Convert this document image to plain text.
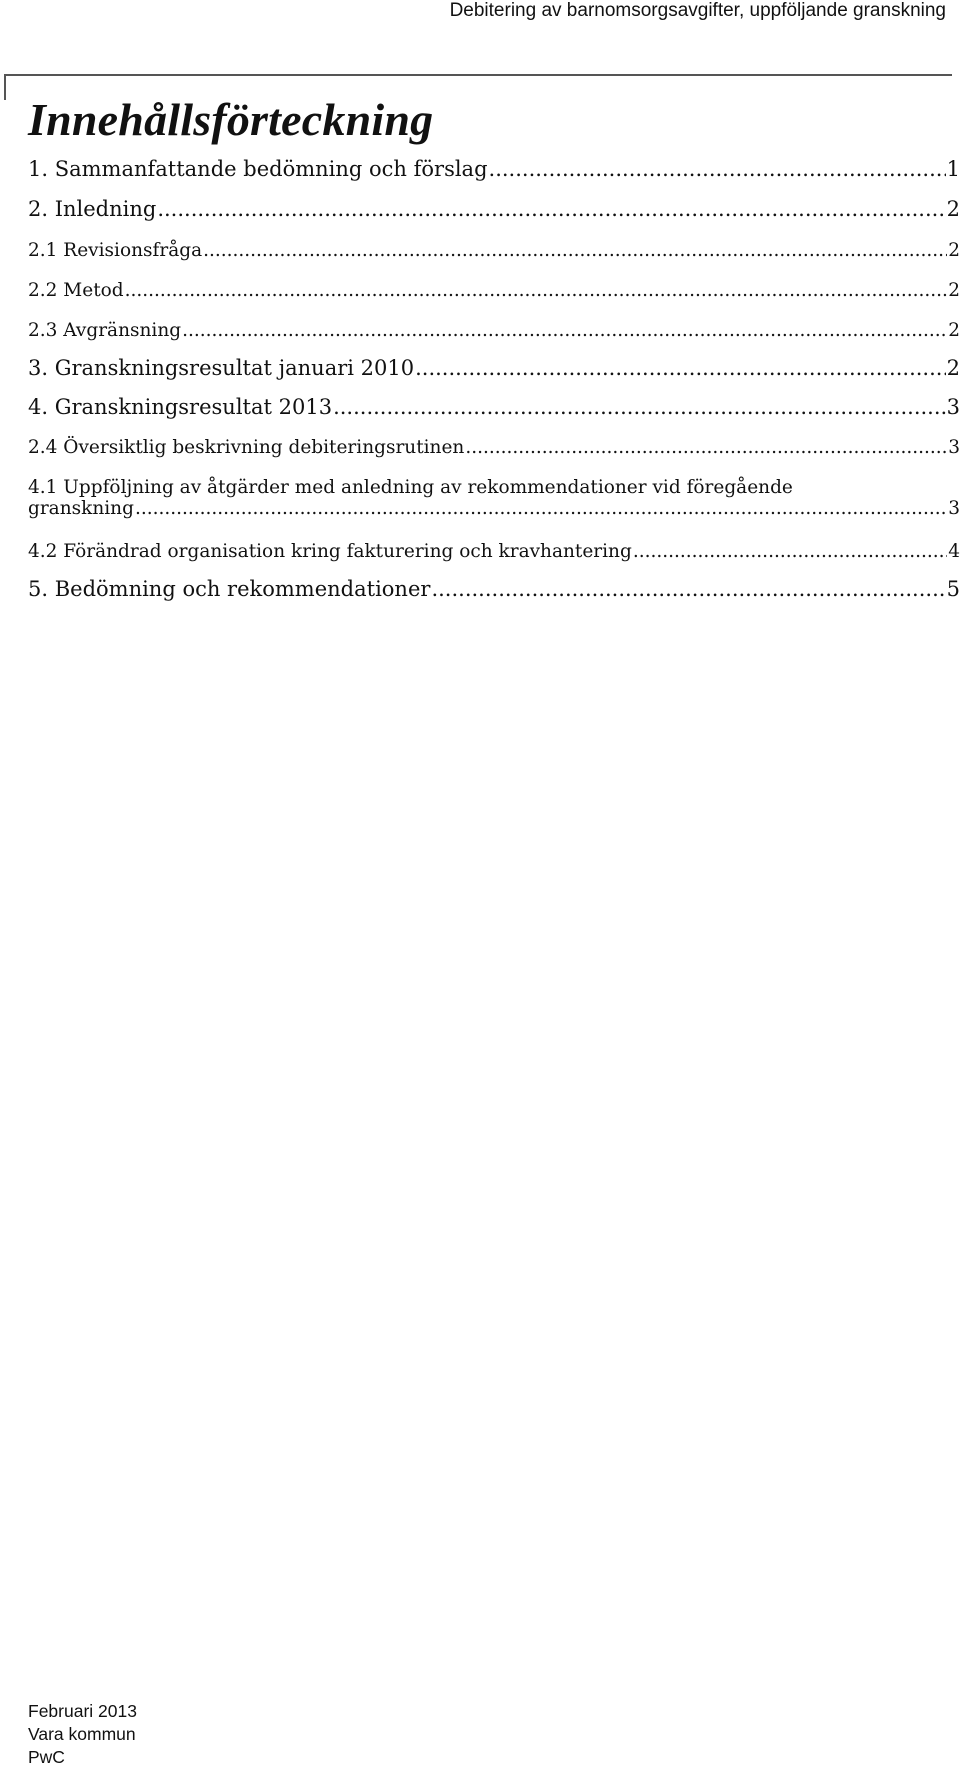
Debitering av barnomsorgsavgifter, uppföljande granskning
Innehållsförteckning
1. Sammanfattande bedömning och förslag .....	1
2. Inledning .....	2
2.1 Revisionsfråga .....	2
2.2 Metod .....	2
2.3 Avgränsning .....	2
3. Granskningsresultat januari 2010 .....	2
4. Granskningsresultat 2013 .....	3
2.4 Översiktlig beskrivning debiteringsrutinen .....	3
4.1 Uppföljning av åtgärder med anledning av rekommendationer vid föregående
granskning .....	3
4.2 Förändrad organisation kring fakturering och kravhantering .....	4
5. Bedömning och rekommendationer .....	5
Februari 2013
Vara kommun
PwC
